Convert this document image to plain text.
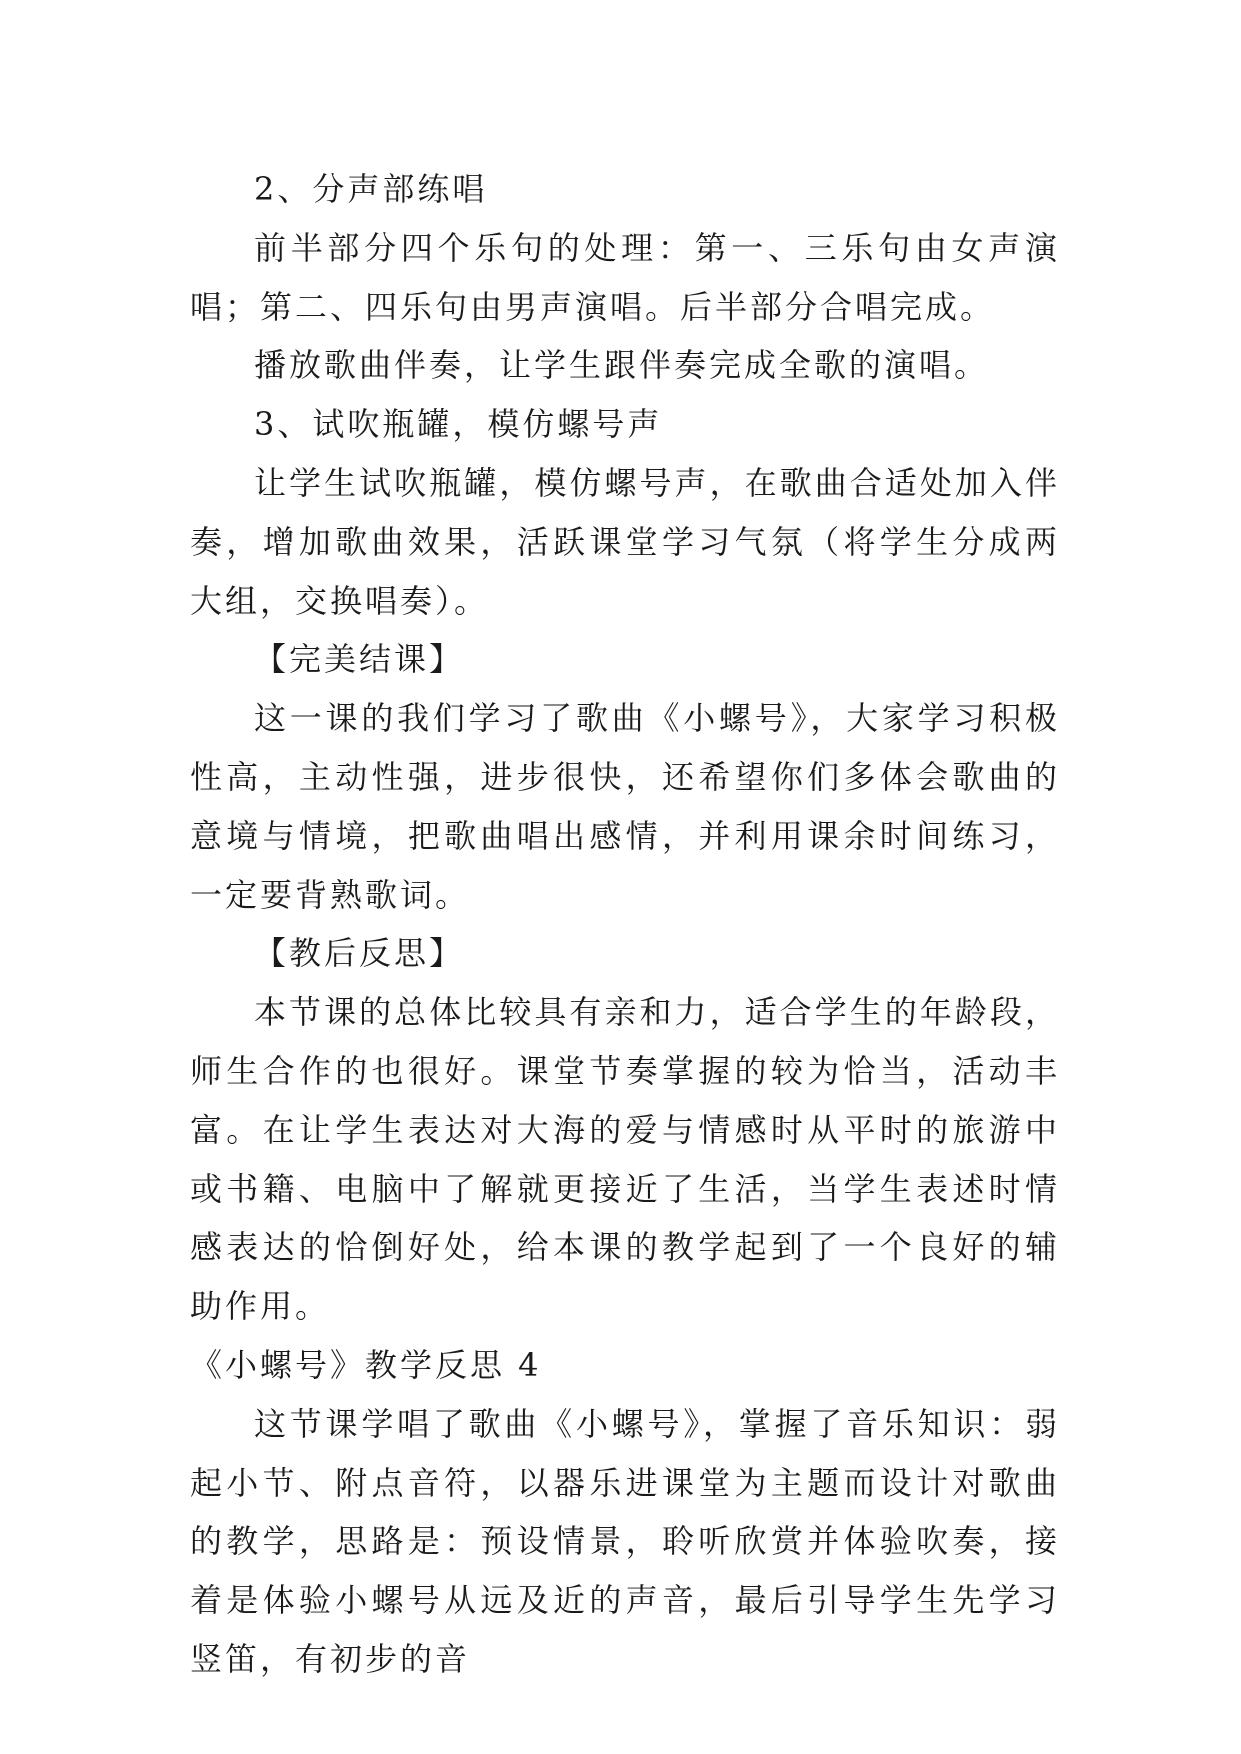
2、分声部练唱

前半部分四个乐句的处理：第一、三乐句由女声演唱；第二、四乐句由男声演唱。后半部分合唱完成。

播放歌曲伴奏，让学生跟伴奏完成全歌的演唱。

3、试吹瓶罐，模仿螺号声

让学生试吹瓶罐，模仿螺号声，在歌曲合适处加入伴奏，增加歌曲效果，活跃课堂学习气氛（将学生分成两大组，交换唱奏）。

【完美结课】

这一课的我们学习了歌曲《小螺号》，大家学习积极性高，主动性强，进步很快，还希望你们多体会歌曲的意境与情境，把歌曲唱出感情，并利用课余时间练习，一定要背熟歌词。

【教后反思】

本节课的总体比较具有亲和力，适合学生的年龄段，师生合作的也很好。课堂节奏掌握的较为恰当，活动丰富。在让学生表达对大海的爱与情感时从平时的旅游中或书籍、电脑中了解就更接近了生活，当学生表述时情感表达的恰倒好处，给本课的教学起到了一个良好的辅助作用。

《小螺号》教学反思 4

这节课学唱了歌曲《小螺号》，掌握了音乐知识：弱起小节、附点音符，以器乐进课堂为主题而设计对歌曲的教学，思路是：预设情景，聆听欣赏并体验吹奏，接着是体验小螺号从远及近的声音，最后引导学生先学习竖笛，有初步的音
